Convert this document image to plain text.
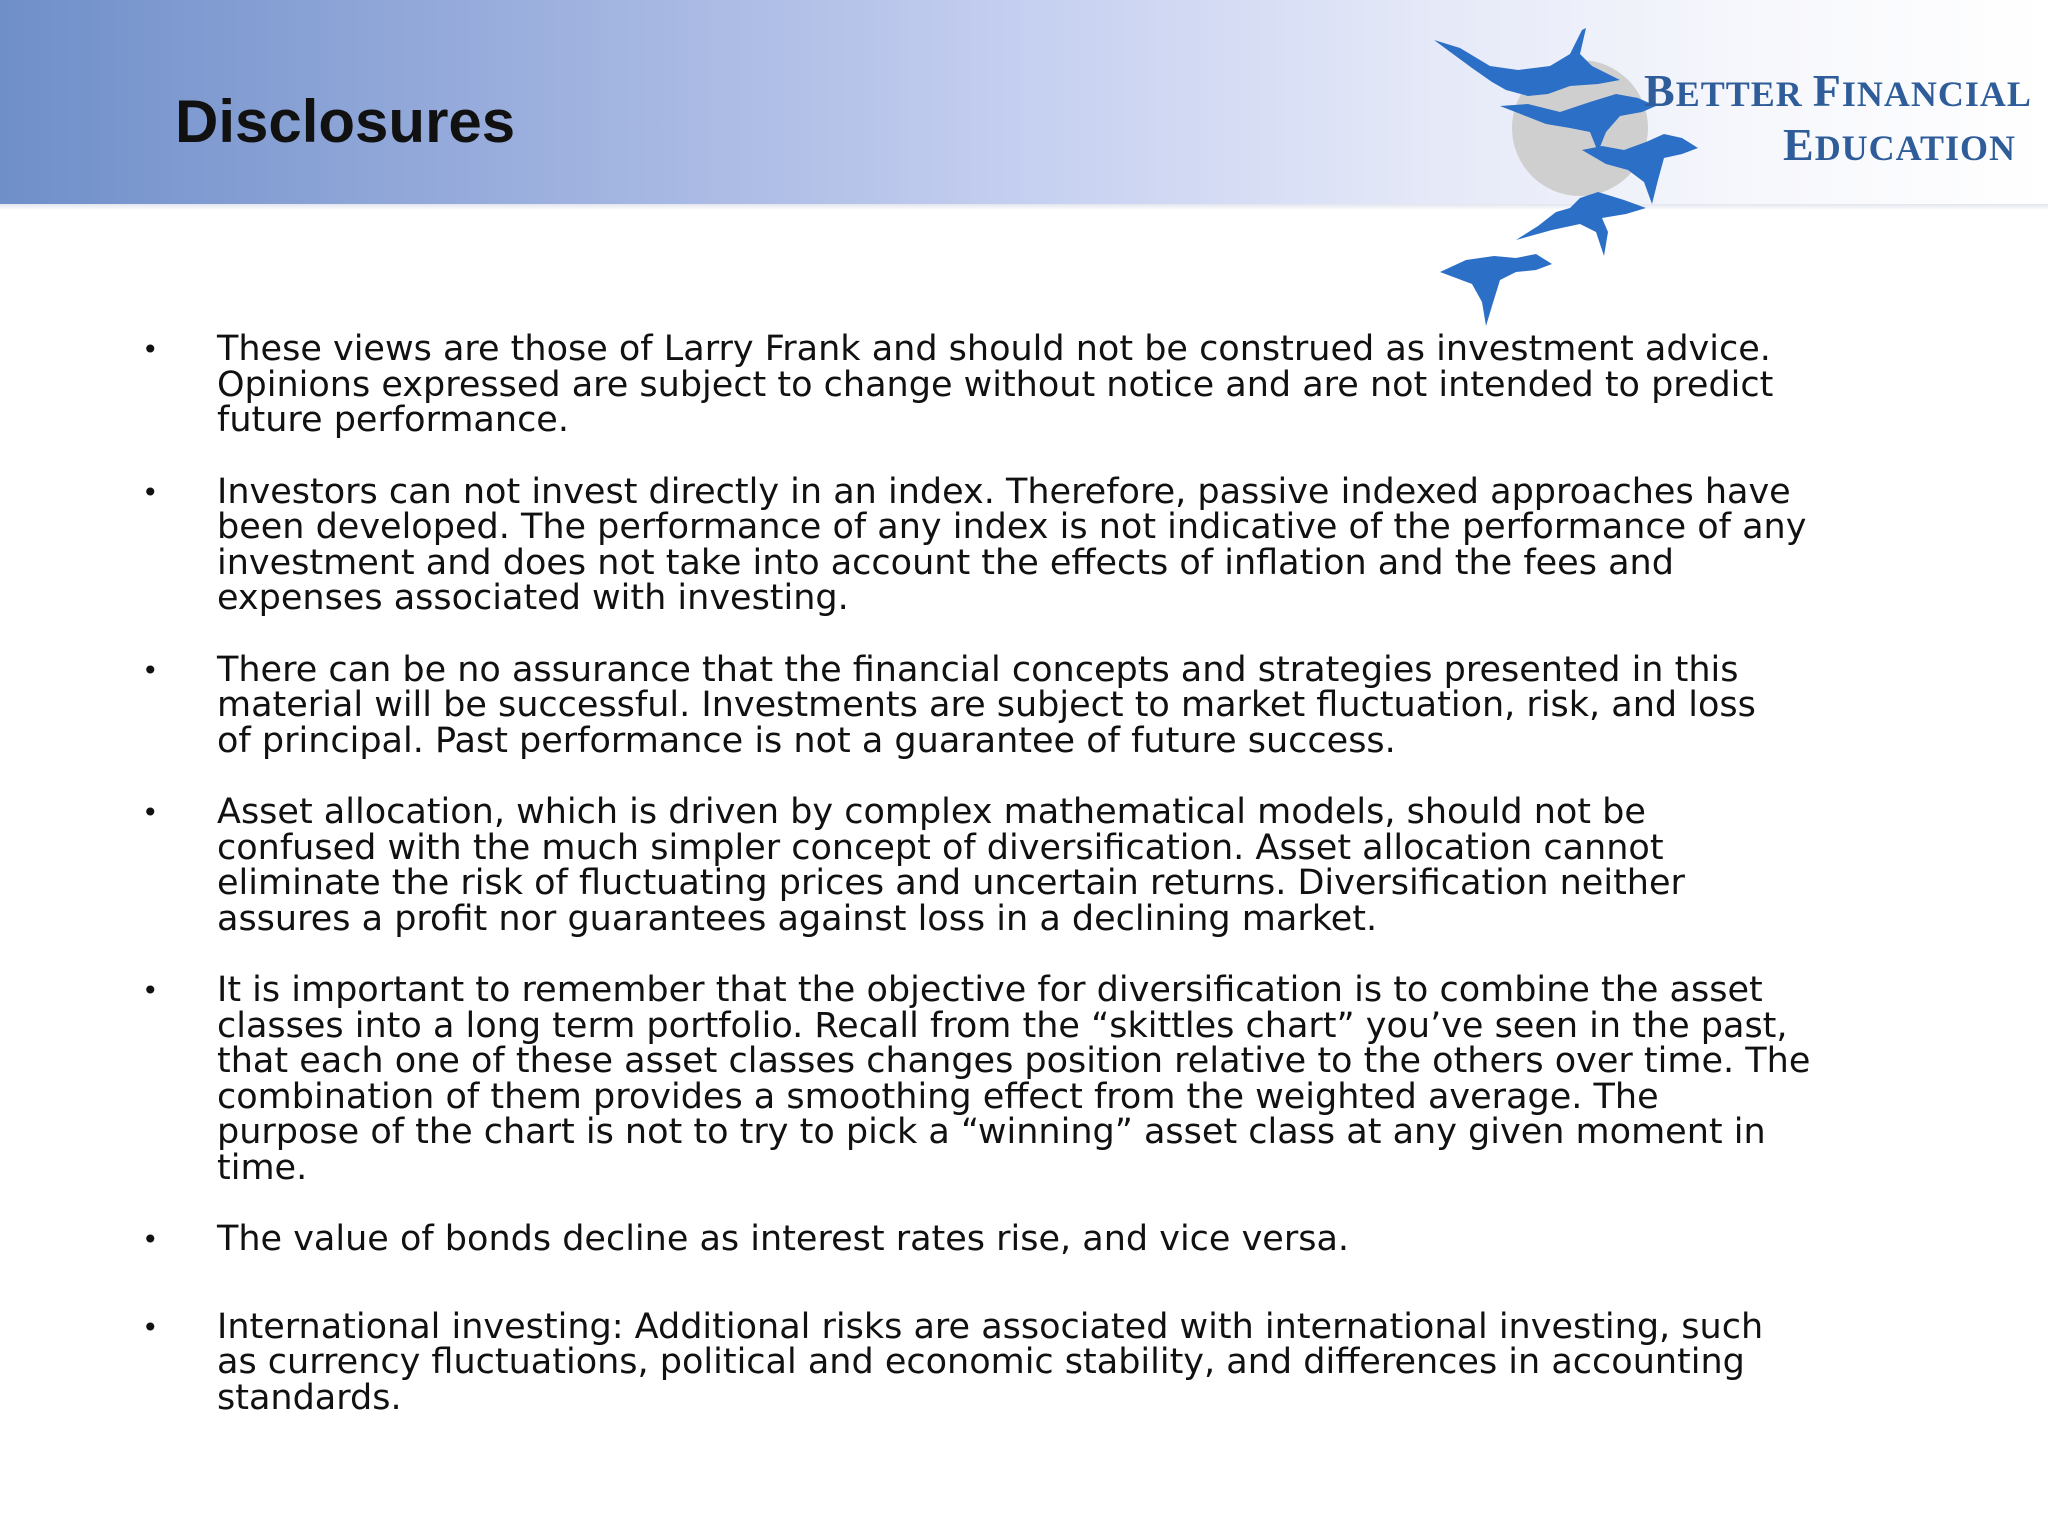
Disclosures	BETTER FINANCIAL
EDUCATION
• These views are those of Larry Frank and should not be construed as investment advice.
Opinions expressed are subject to change without notice and are not intended to predict
future performance.
• Investors can not invest directly in an index. Therefore, passive indexed approaches have
been developed. The performance of any index is not indicative of the performance of any
investment and does not take into account the effects of inflation and the fees and
expenses associated with investing.
• There can be no assurance that the financial concepts and strategies presented in this
material will be successful. Investments are subject to market fluctuation, risk, and loss
of principal. Past performance is not a guarantee of future success.
• Asset allocation, which is driven by complex mathematical models, should not be
confused with the much simpler concept of diversification. Asset allocation cannot
eliminate the risk of fluctuating prices and uncertain returns. Diversification neither
assures a profit nor guarantees against loss in a declining market.
• It is important to remember that the objective for diversification is to combine the asset
classes into a long term portfolio. Recall from the “skittles chart” you’ve seen in the past,
that each one of these asset classes changes position relative to the others over time. The
combination of them provides a smoothing effect from the weighted average. The
purpose of the chart is not to try to pick a “winning” asset class at any given moment in
time.
• The value of bonds decline as interest rates rise, and vice versa.
• International investing: Additional risks are associated with international investing, such
as currency fluctuations, political and economic stability, and differences in accounting
standards.
